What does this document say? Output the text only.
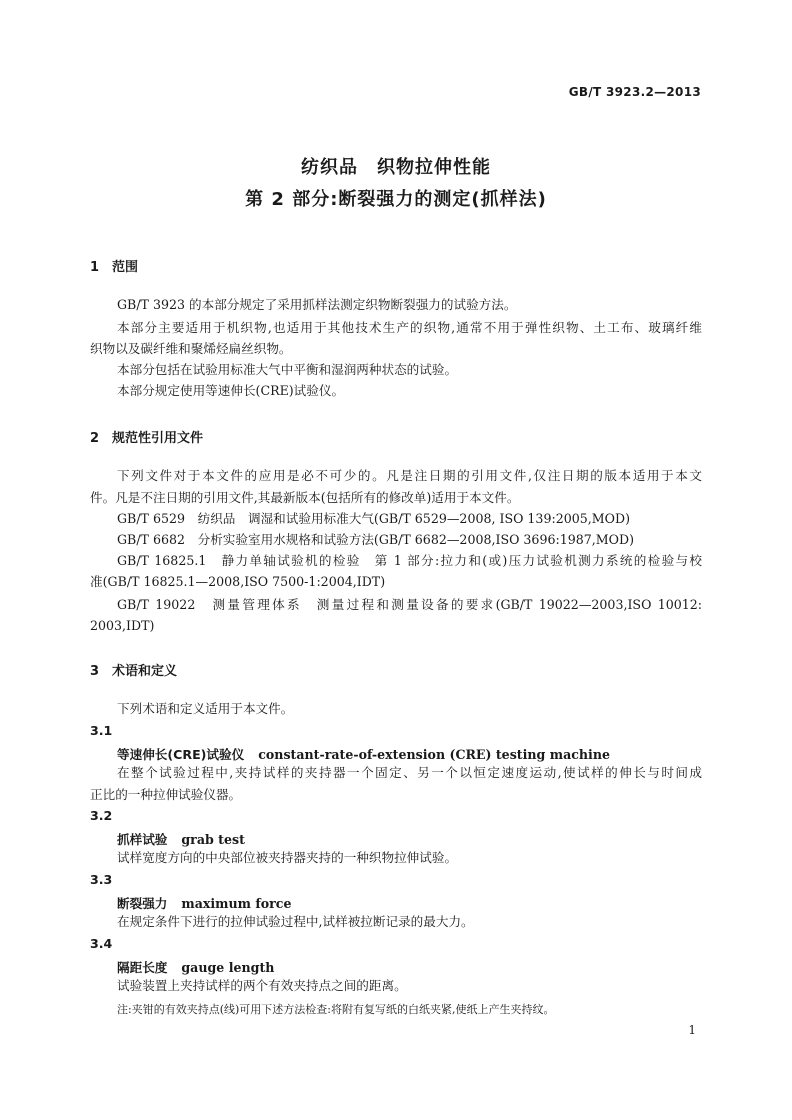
GB/T 3923.2—2013
纺织品　织物拉伸性能
第 2 部分:断裂强力的测定(抓样法)
1 范围
GB/T 3923 的本部分规定了采用抓样法测定织物断裂强力的试验方法。
本部分主要适用于机织物,也适用于其他技术生产的织物,通常不用于弹性织物、土工布、玻璃纤维
织物以及碳纤维和聚烯烃扁丝织物。
本部分包括在试验用标准大气中平衡和湿润两种状态的试验。
本部分规定使用等速伸长(CRE)试验仪。
2 规范性引用文件
下列文件对于本文件的应用是必不可少的。凡是注日期的引用文件,仅注日期的版本适用于本文
件。凡是不注日期的引用文件,其最新版本(包括所有的修改单)适用于本文件。
GB/T 6529　纺织品　调湿和试验用标准大气(GB/T 6529—2008, ISO 139:2005,MOD)
GB/T 6682　分析实验室用水规格和试验方法(GB/T 6682—2008,ISO 3696:1987,MOD)
GB/T 16825.1　静力单轴试验机的检验　第 1 部分:拉力和(或)压力试验机测力系统的检验与校
准(GB/T 16825.1—2008,ISO 7500-1:2004,IDT)
GB/T 19022　测量管理体系　测量过程和测量设备的要求(GB/T 19022—2003,ISO 10012:
2003,IDT)
3 术语和定义
下列术语和定义适用于本文件。
3.1
等速伸长(CRE)试验仪 constant-rate-of-extension (CRE) testing machine
在整个试验过程中,夹持试样的夹持器一个固定、另一个以恒定速度运动,使试样的伸长与时间成
正比的一种拉伸试验仪器。
3.2
抓样试验 grab test
试样宽度方向的中央部位被夹持器夹持的一种织物拉伸试验。
3.3
断裂强力 maximum force
在规定条件下进行的拉伸试验过程中,试样被拉断记录的最大力。
3.4
隔距长度 gauge length
试验装置上夹持试样的两个有效夹持点之间的距离。
注:夹钳的有效夹持点(线)可用下述方法检查:将附有复写纸的白纸夹紧,使纸上产生夹持纹。
1
